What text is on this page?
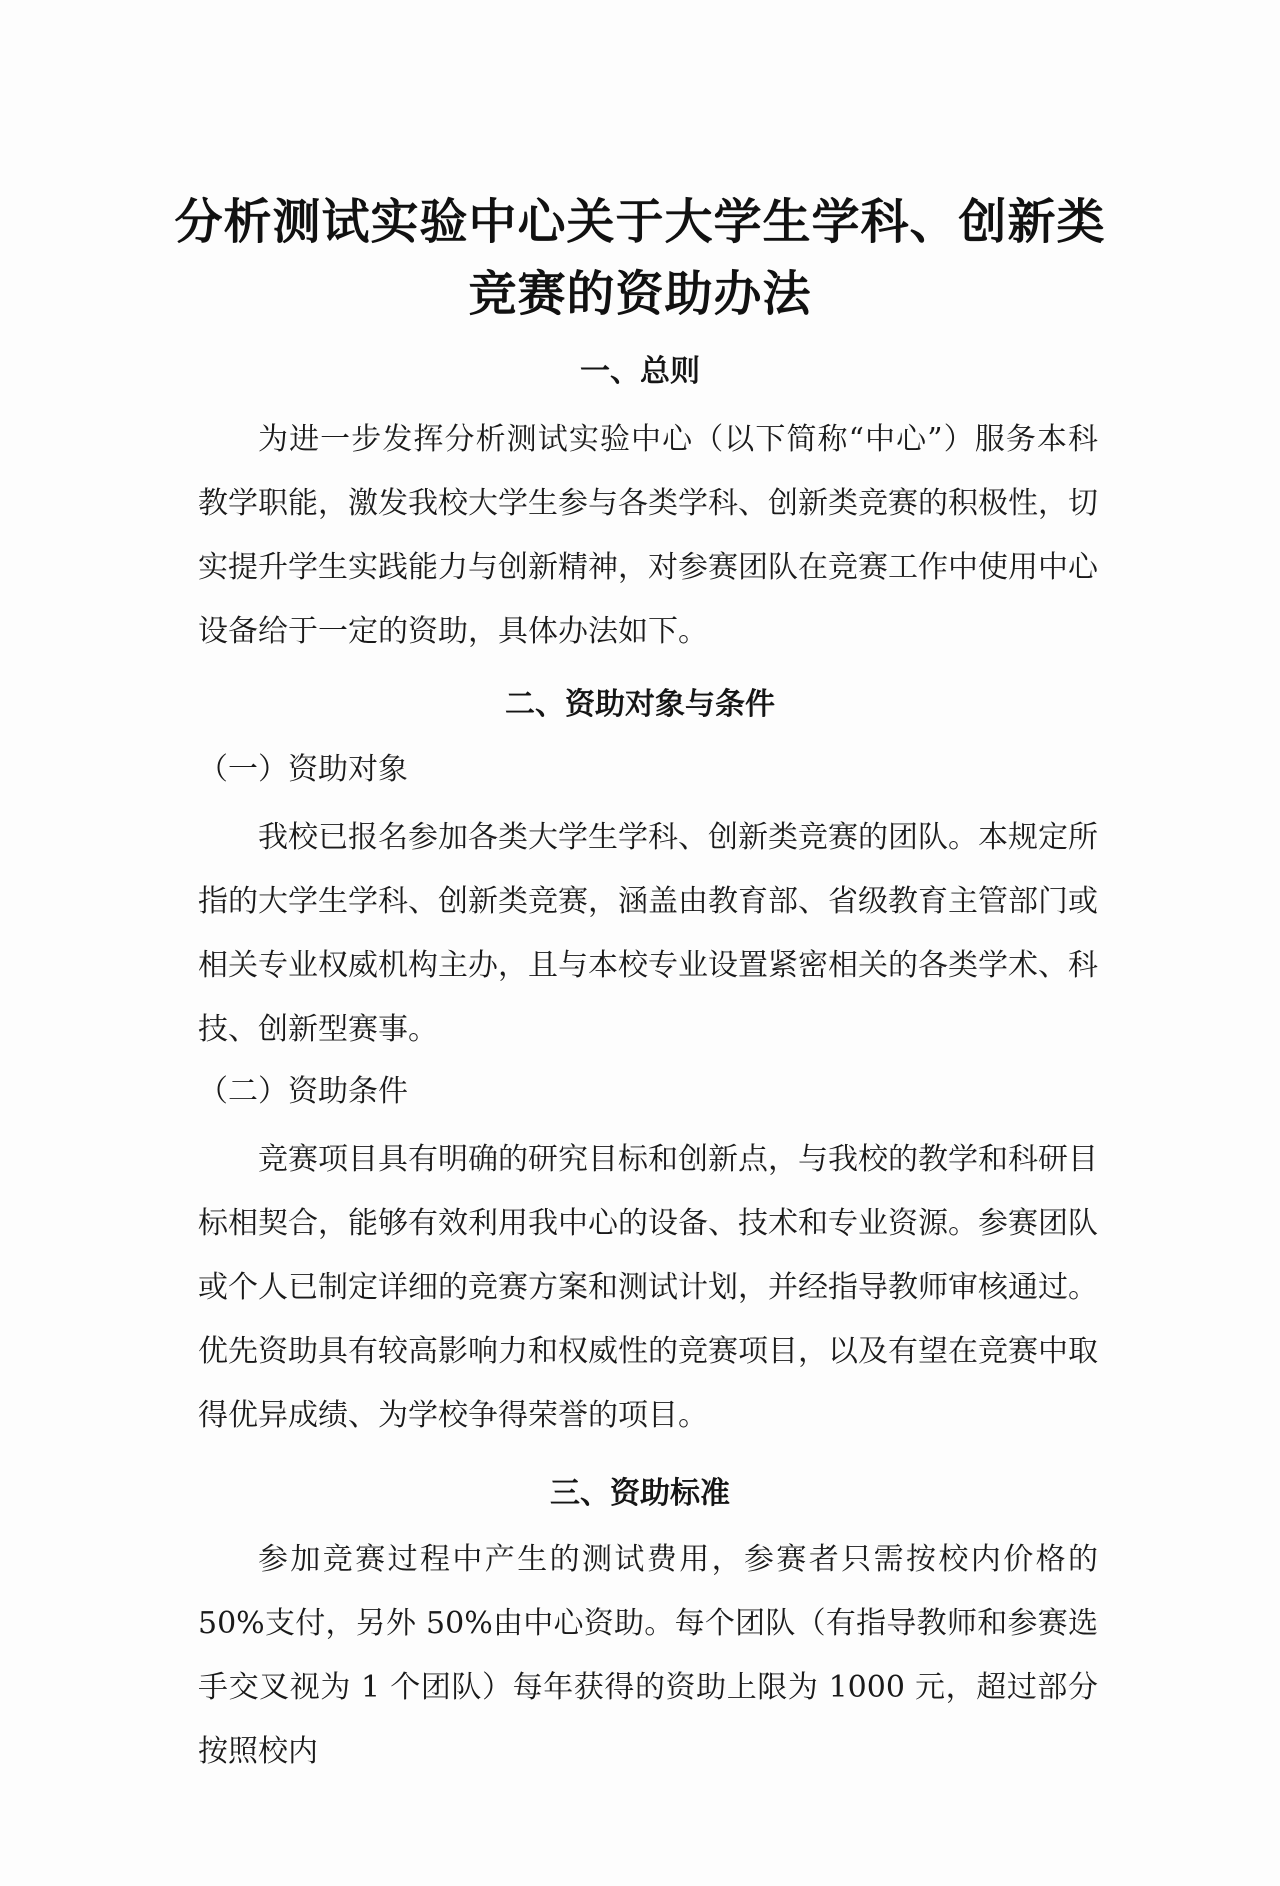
分析测试实验中心关于大学生学科、创新类
竞赛的资助办法
一、总则

为进一步发挥分析测试实验中心（以下简称“中心”）服务本科教学职能，激发我校大学生参与各类学科、创新类竞赛的积极性，切实提升学生实践能力与创新精神，对参赛团队在竞赛工作中使用中心设备给于一定的资助，具体办法如下。

二、资助对象与条件
（一）资助对象

我校已报名参加各类大学生学科、创新类竞赛的团队。本规定所指的大学生学科、创新类竞赛，涵盖由教育部、省级教育主管部门或相关专业权威机构主办，且与本校专业设置紧密相关的各类学术、科技、创新型赛事。

（二）资助条件

竞赛项目具有明确的研究目标和创新点，与我校的教学和科研目标相契合，能够有效利用我中心的设备、技术和专业资源。参赛团队或个人已制定详细的竞赛方案和测试计划，并经指导教师审核通过。优先资助具有较高影响力和权威性的竞赛项目，以及有望在竞赛中取得优异成绩、为学校争得荣誉的项目。

三、资助标准

参加竞赛过程中产生的测试费用，参赛者只需按校内价格的 50%支付，另外 50%由中心资助。每个团队（有指导教师和参赛选手交叉视为 1 个团队）每年获得的资助上限为 1000 元，超过部分按照校内
